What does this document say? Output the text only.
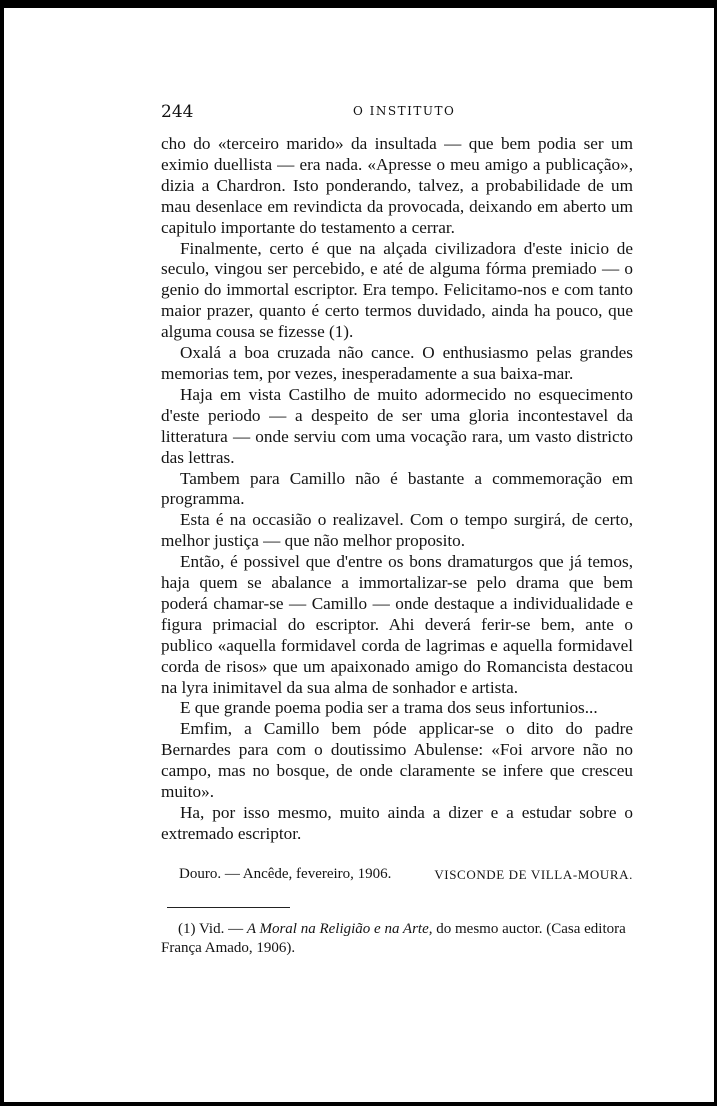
244	O INSTITUTO

cho do «terceiro marido» da insultada — que bem podia ser um eximio duellista — era nada. «Apresse o meu amigo a publicação», dizia a Chardron. Isto ponderando, talvez, a probabilidade de um mau desenlace em revindicta da provocada, deixando em aberto um capitulo importante do testamento a cerrar.

Finalmente, certo é que na alçada civilizadora d'este inicio de seculo, vingou ser percebido, e até de alguma fórma premiado — o genio do immortal escriptor. Era tempo. Felicitamo-nos e com tanto maior prazer, quanto é certo termos duvidado, ainda ha pouco, que alguma cousa se fizesse (1).

Oxalá a boa cruzada não cance. O enthusiasmo pelas grandes memorias tem, por vezes, inesperadamente a sua baixa-mar.

Haja em vista Castilho de muito adormecido no esquecimento d'este periodo — a despeito de ser uma gloria incontestavel da litteratura — onde serviu com uma vocação rara, um vasto districto das lettras.

Tambem para Camillo não é bastante a commemoração em programma.

Esta é na occasião o realizavel. Com o tempo surgirá, de certo, melhor justiça — que não melhor proposito.

Então, é possivel que d'entre os bons dramaturgos que já temos, haja quem se abalance a immortalizar-se pelo drama que bem poderá chamar-se — Camillo — onde destaque a individualidade e figura primacial do escriptor. Ahi deverá ferir-se bem, ante o publico «aquella formidavel corda de lagrimas e aquella formidavel corda de risos» que um apaixonado amigo do Romancista destacou na lyra inimitavel da sua alma de sonhador e artista.

E que grande poema podia ser a trama dos seus infortunios...

Emfim, a Camillo bem póde applicar-se o dito do padre Bernardes para com o doutissimo Abulense: «Foi arvore não no campo, mas no bosque, de onde claramente se infere que cresceu muito».

Ha, por isso mesmo, muito ainda a dizer e a estudar sobre o extremado escriptor.

Douro. — Ancêde, fevereiro, 1906.	VISCONDE DE VILLA-MOURA.
(1) Vid. — A Moral na Religião e na Arte, do mesmo auctor. (Casa editora França Amado, 1906).
